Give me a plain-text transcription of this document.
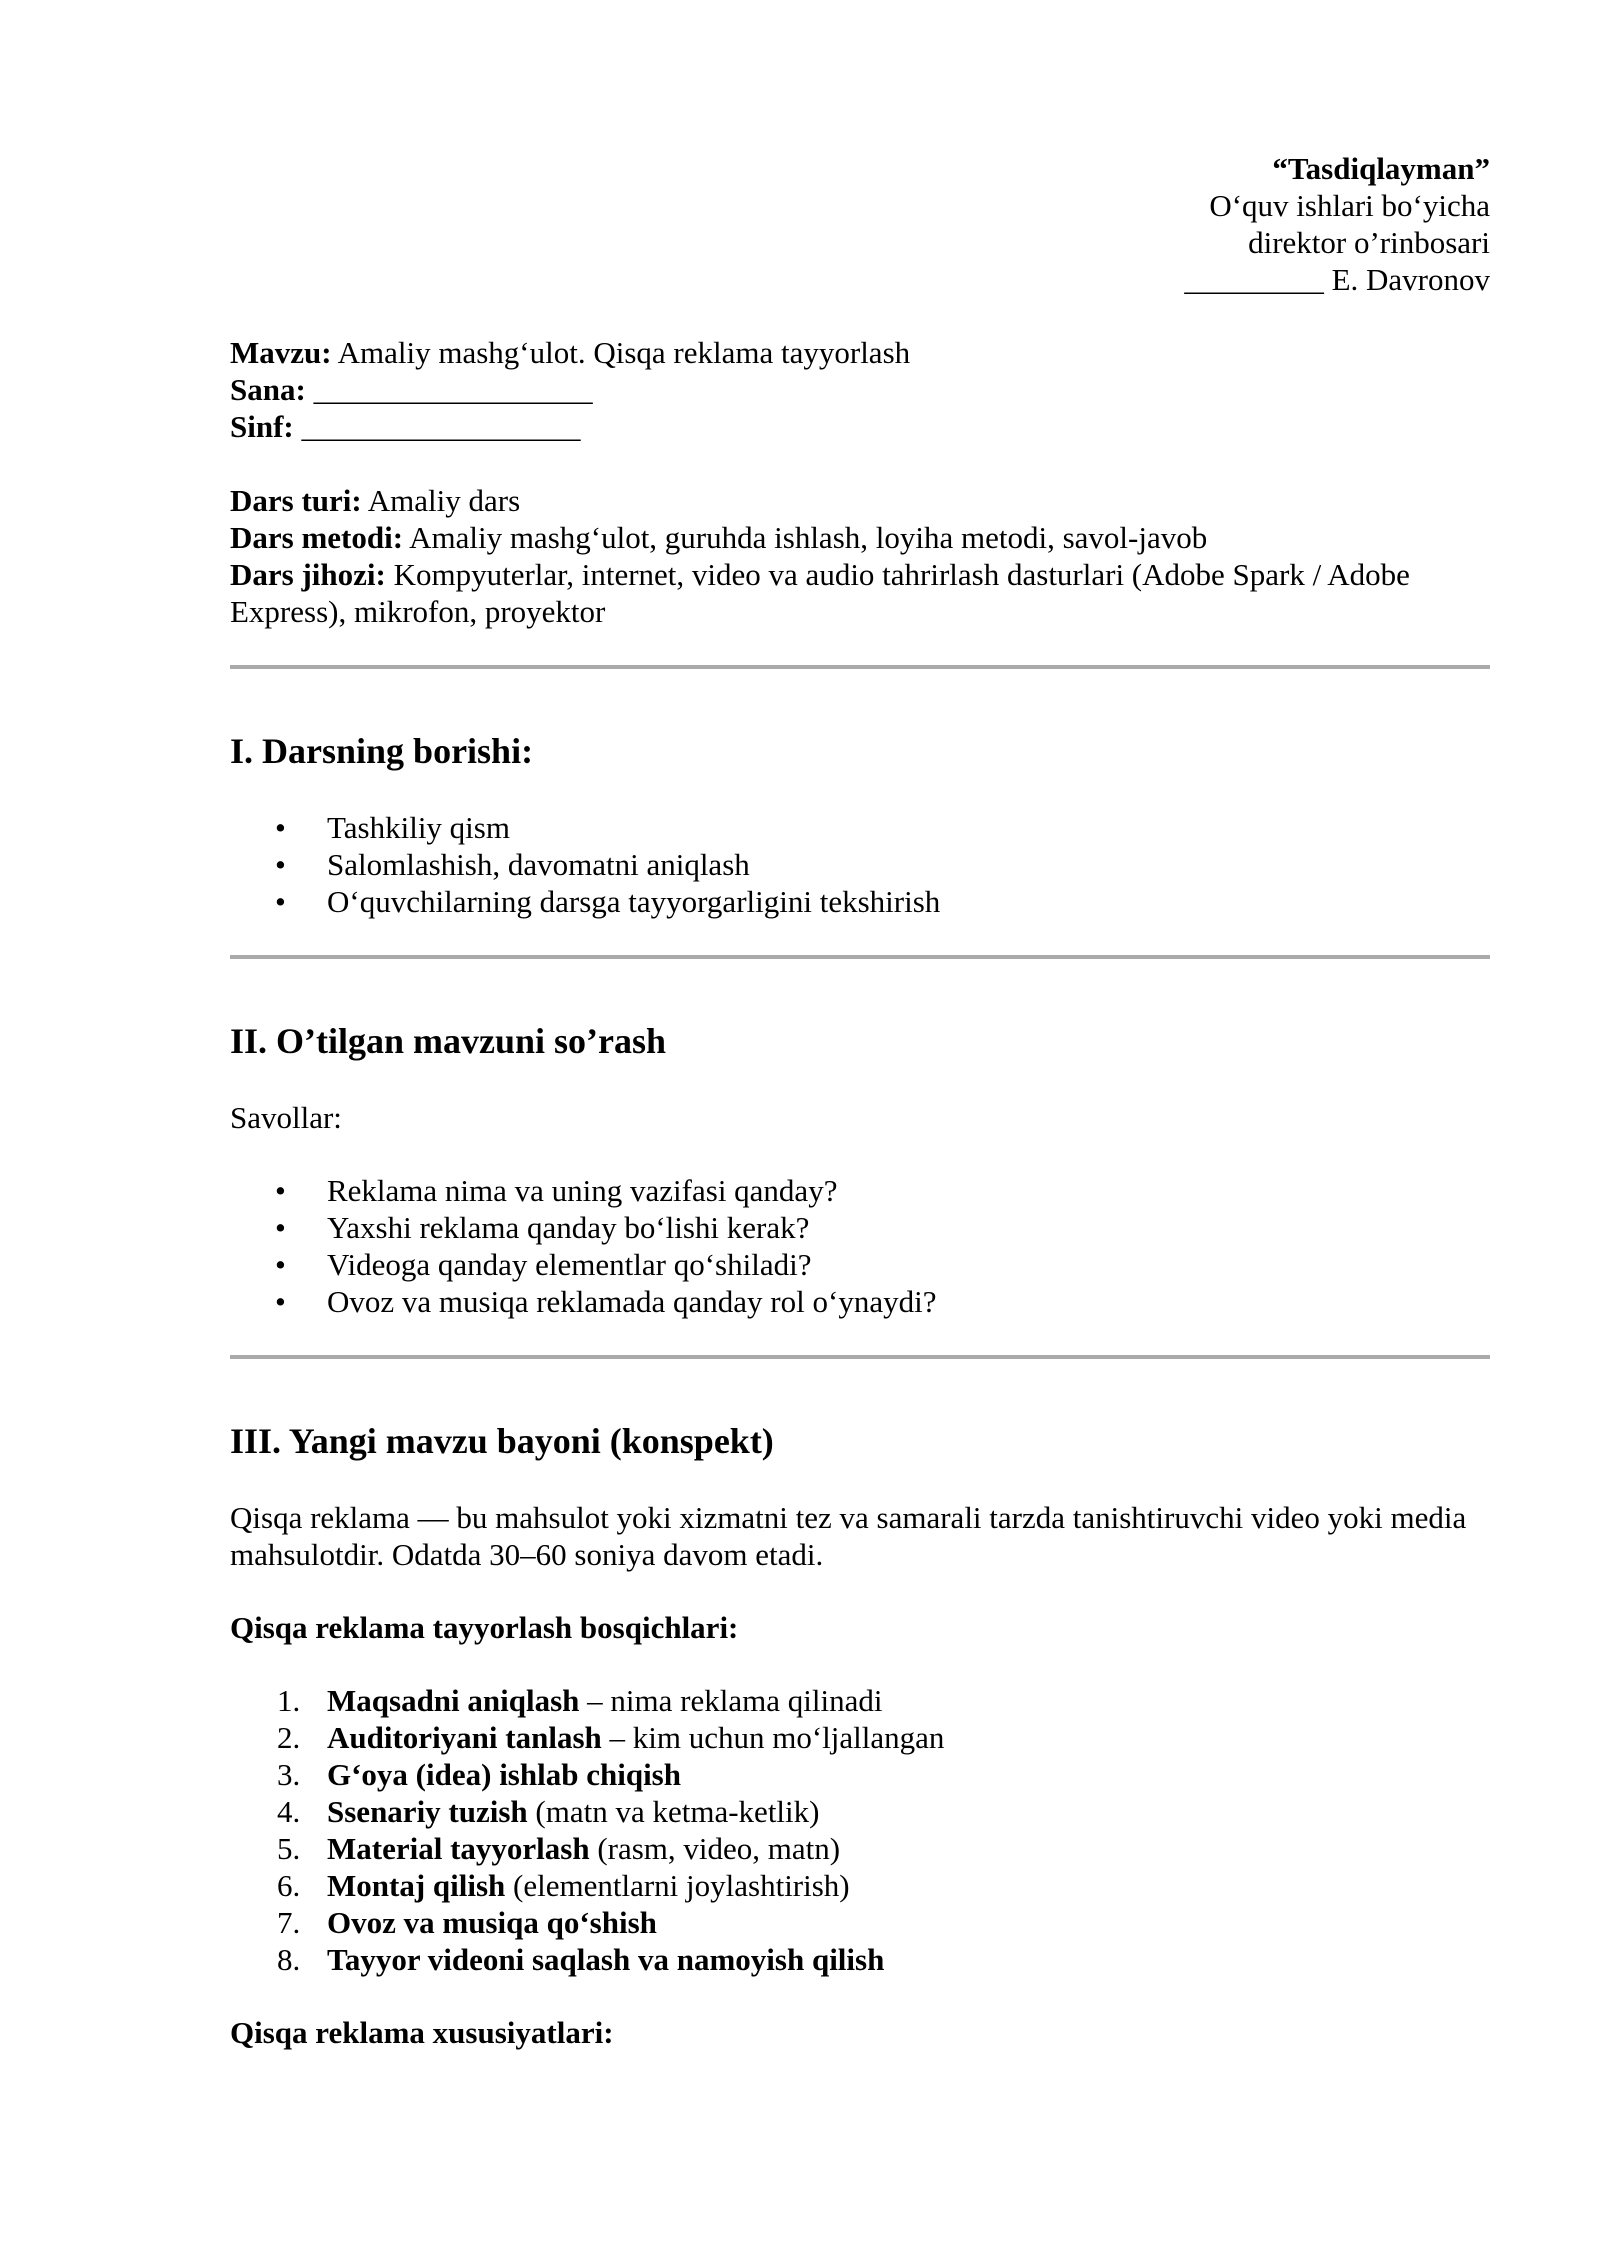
“Tasdiqlayman”
O‘quv ishlari bo‘yicha
direktor o’rinbosari
_________ E. Davronov
Mavzu: Amaliy mashg‘ulot. Qisqa reklama tayyorlash
Sana: __________________
Sinf: __________________
Dars turi: Amaliy dars
Dars metodi: Amaliy mashg‘ulot, guruhda ishlash, loyiha metodi, savol-javob
Dars jihozi: Kompyuterlar, internet, video va audio tahrirlash dasturlari (Adobe Spark / Adobe Express), mikrofon, proyektor
I. Darsning borishi:
• Tashkiliy qism
• Salomlashish, davomatni aniqlash
• O‘quvchilarning darsga tayyorgarligini tekshirish
II. O’tilgan mavzuni so’rash

Savollar:

• Reklama nima va uning vazifasi qanday?
• Yaxshi reklama qanday bo‘lishi kerak?
• Videoga qanday elementlar qo‘shiladi?
• Ovoz va musiqa reklamada qanday rol o‘ynaydi?
III. Yangi mavzu bayoni (konspekt)

Qisqa reklama — bu mahsulot yoki xizmatni tez va samarali tarzda tanishtiruvchi video yoki media mahsulotdir. Odatda 30–60 soniya davom etadi.

Qisqa reklama tayyorlash bosqichlari:

1. Maqsadni aniqlash – nima reklama qilinadi
2. Auditoriyani tanlash – kim uchun mo‘ljallangan
3. G‘oya (idea) ishlab chiqish
4. Ssenariy tuzish (matn va ketma-ketlik)
5. Material tayyorlash (rasm, video, matn)
6. Montaj qilish (elementlarni joylashtirish)
7. Ovoz va musiqa qo‘shish
8. Tayyor videoni saqlash va namoyish qilish

Qisqa reklama xususiyatlari:
